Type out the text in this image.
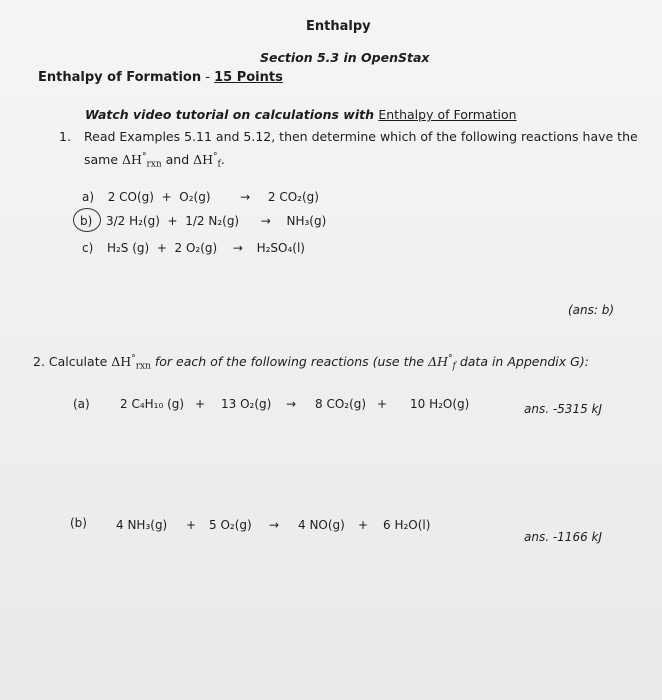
Enthalpy
Section 5.3 in OpenStax
Enthalpy of Formation - 15 Points
Watch video tutorial on calculations with Enthalpy of Formation
1. Read Examples 5.11 and 5.12, then determine which of the following reactions have the
same $\Delta H^\circ_{rxn}$ and $\Delta H^\circ_f$.
a) 2 CO(g)  +  O₂(g) → 2 CO₂(g)
b) 3/2 H₂(g)  +  1/2 N₂(g) → NH₃(g)
c) H₂S (g)  +  2 O₂(g) → H₂SO₄(l)
(ans: b)
2. Calculate $\Delta H^\circ_{rxn}$ for each of the following reactions (use the $\Delta H^\circ_f$ data in Appendix G):
(a)	2 C₄H₁₀ (g) + 13 O₂(g) → 8 CO₂(g) + 10 H₂O(g)	ans. -5315 kJ
(b) 4 NH₃(g) + 5 O₂(g) → 4 NO(g) + 6 H₂O(l)
ans. -1166 kJ
